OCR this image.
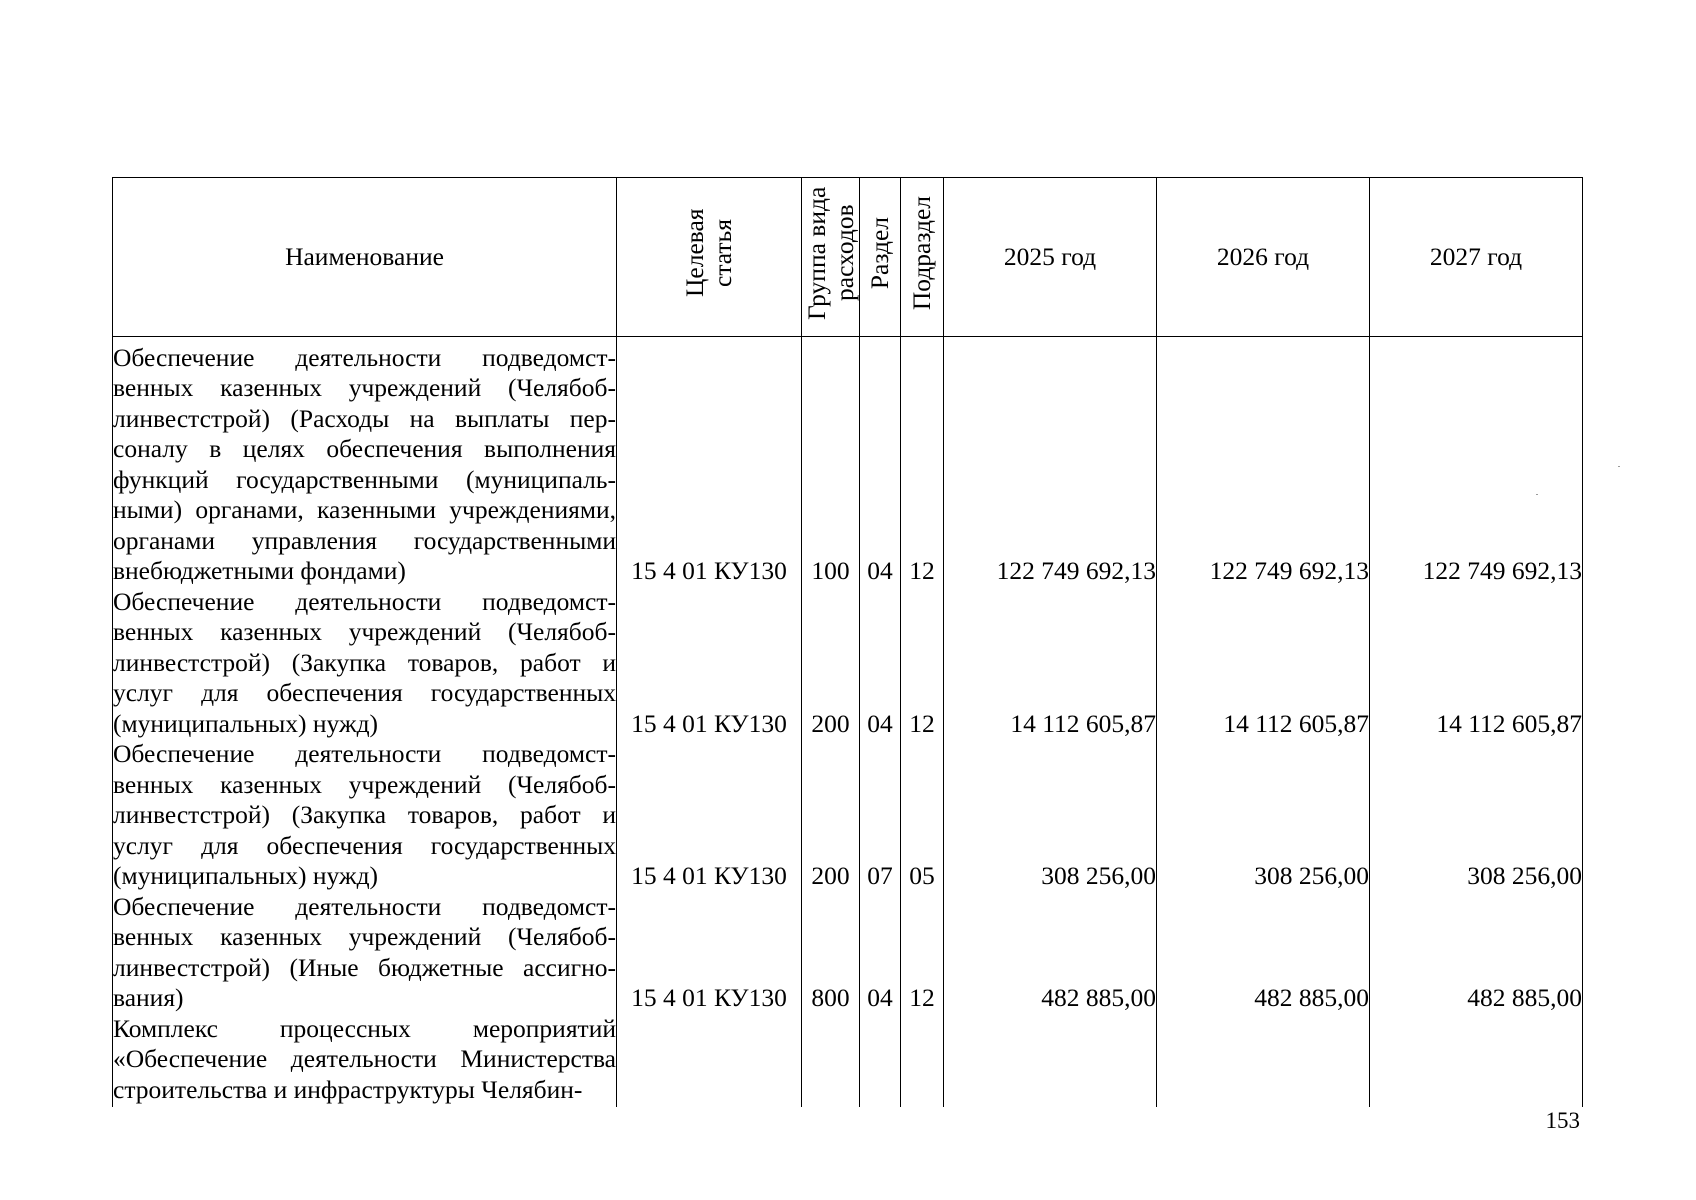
Наименование	Целевая статья	Группа вида расходов	Раздел	Подраздел	2025 год	2026 год	2027 год
Обеспечение деятельности подведомственных казенных учреждений (Челябоблинвестстрой) (Расходы на выплаты персоналу в целях обеспечения выполнения функций государственными (муниципальными) органами, казенными учреждениями, органами управления государственными внебюджетными фондами)	15 4 01 КУ130	100	04	12	122 749 692,13	122 749 692,13	122 749 692,13
Обеспечение деятельности подведомственных казенных учреждений (Челябоблинвестстрой) (Закупка товаров, работ и услуг для обеспечения государственных (муниципальных) нужд)	15 4 01 КУ130	200	04	12	14 112 605,87	14 112 605,87	14 112 605,87
Обеспечение деятельности подведомственных казенных учреждений (Челябоблинвестстрой) (Закупка товаров, работ и услуг для обеспечения государственных (муниципальных) нужд)	15 4 01 КУ130	200	07	05	308 256,00	308 256,00	308 256,00
Обеспечение деятельности подведомственных казенных учреждений (Челябоблинвестстрой) (Иные бюджетные ассигнования)	15 4 01 КУ130	800	04	12	482 885,00	482 885,00	482 885,00
Комплекс процессных мероприятий «Обеспечение деятельности Министерства строительства и инфраструктуры Челябин-							
153
